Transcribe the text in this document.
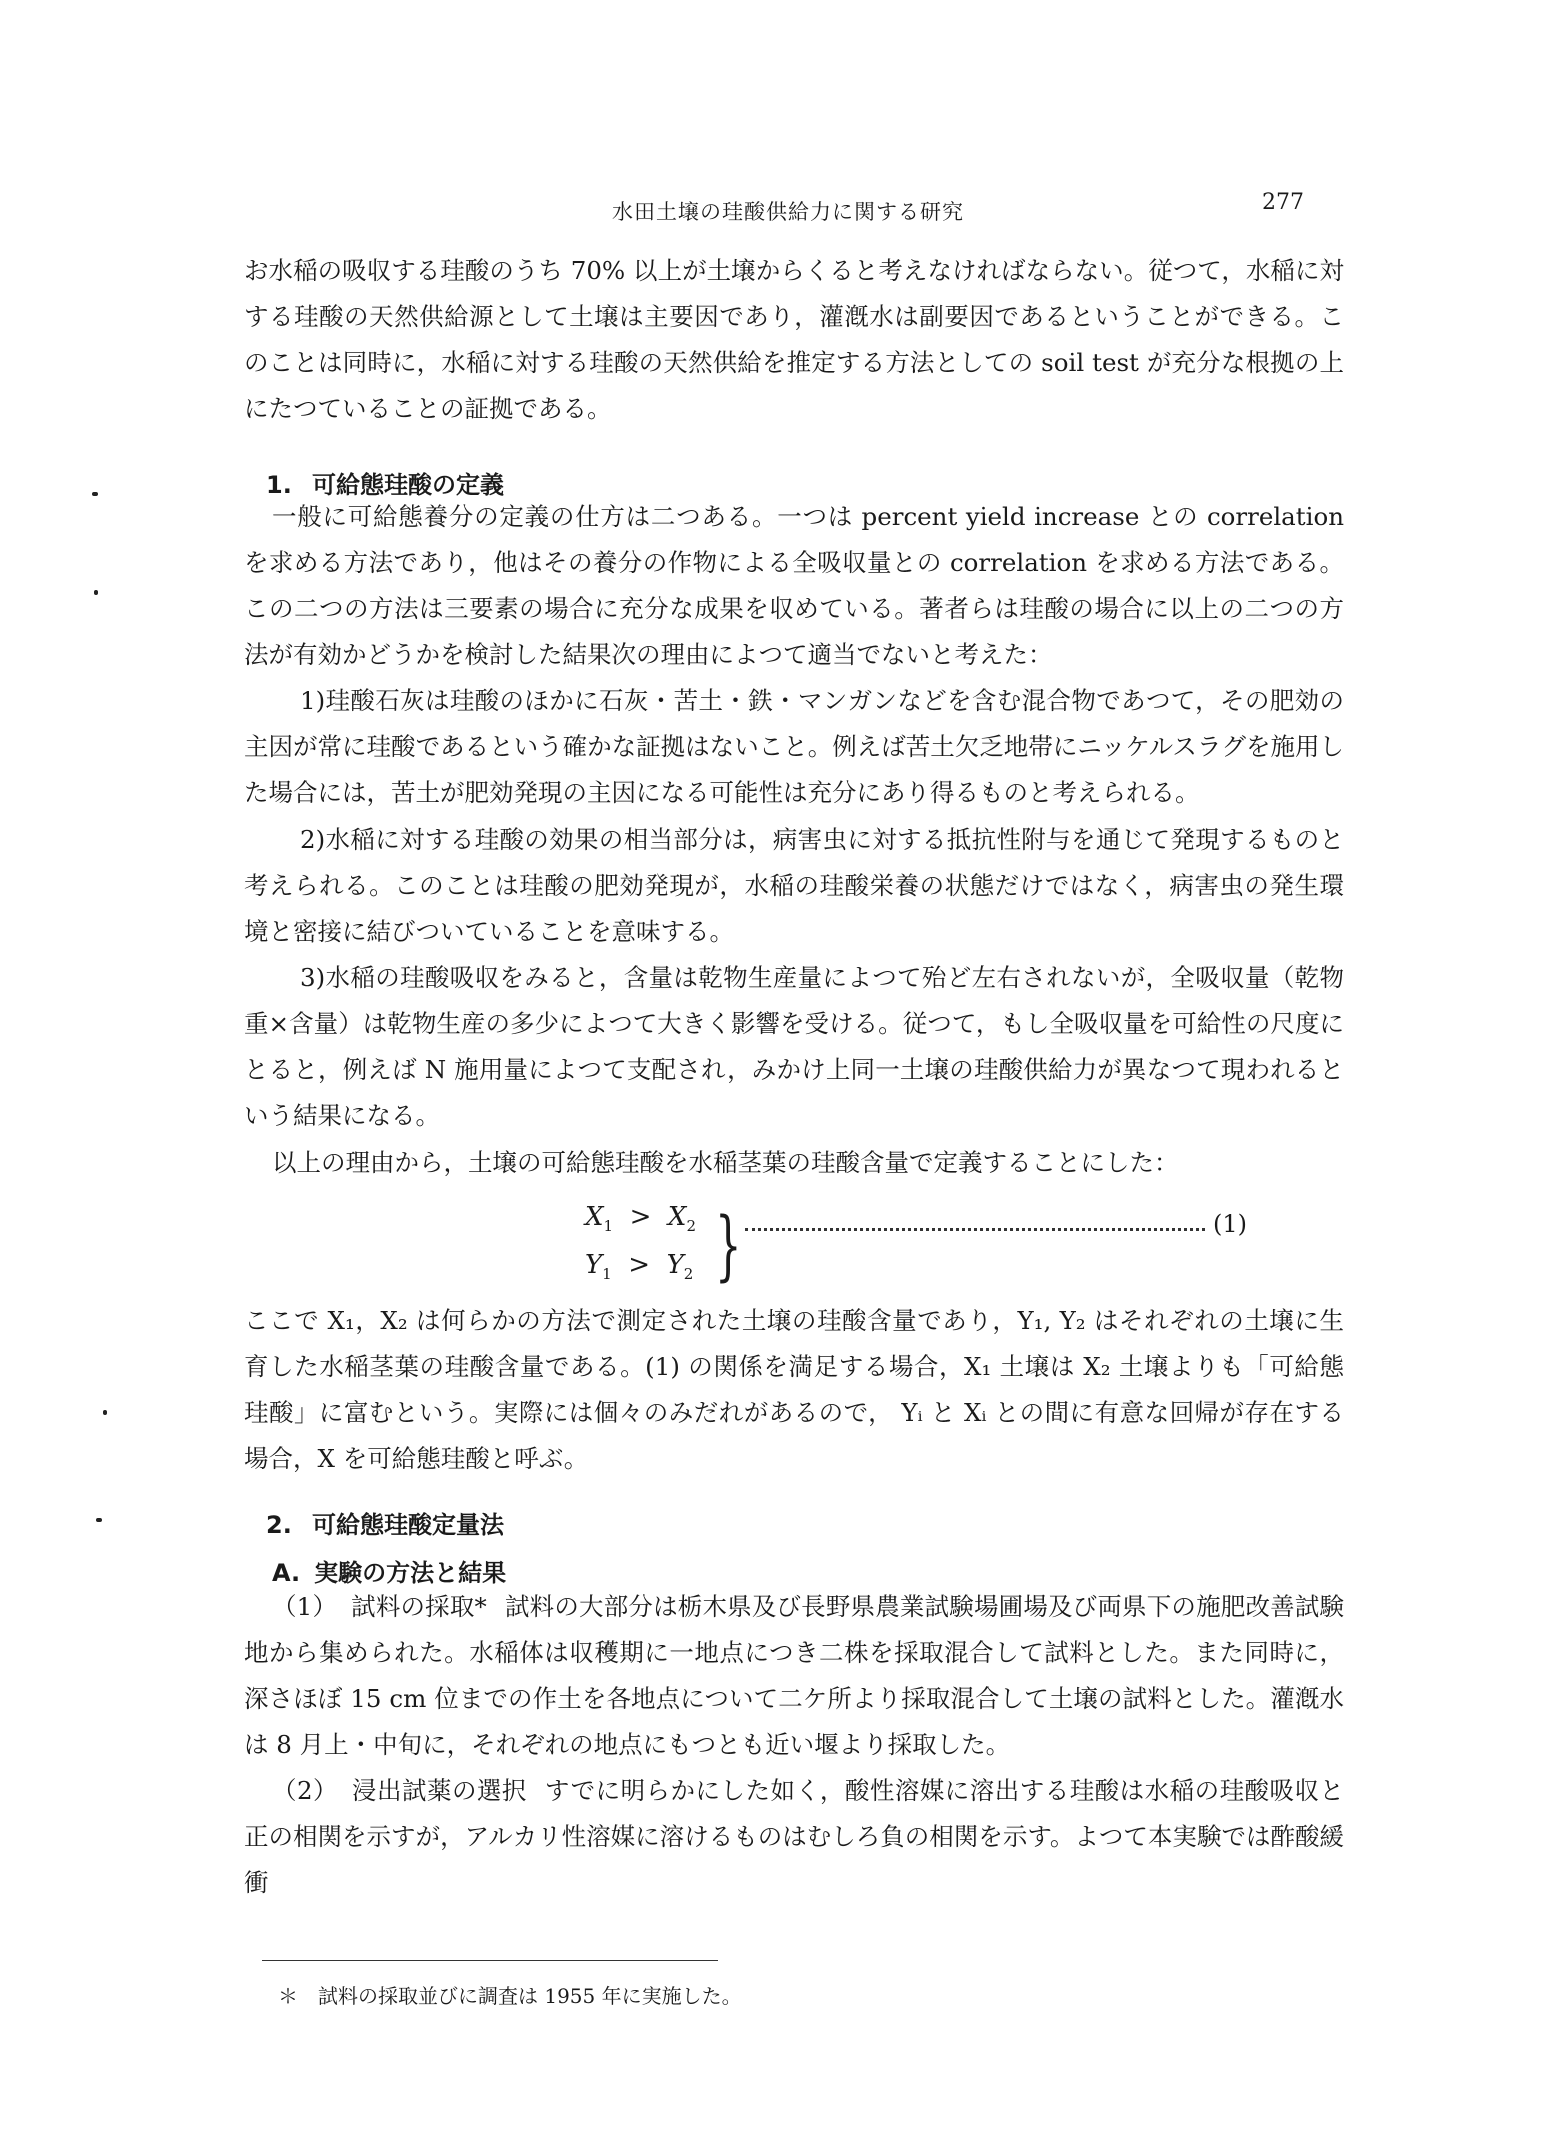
水田土壌の珪酸供給力に関する研究	277

お水稲の吸収する珪酸のうち 70% 以上が土壌からくると考えなければならない。従つて，水稲に対する珪酸の天然供給源として土壌は主要因であり，灌漑水は副要因であるということができる。このことは同時に，水稲に対する珪酸の天然供給を推定する方法としての soil test が充分な根拠の上にたつていることの証拠である。

1. 可給態珪酸の定義

一般に可給態養分の定義の仕方は二つある。一つは percent yield increase との correlation を求める方法であり，他はその養分の作物による全吸収量との correlation を求める方法である。この二つの方法は三要素の場合に充分な成果を収めている。著者らは珪酸の場合に以上の二つの方法が有効かどうかを検討した結果次の理由によつて適当でないと考えた：

1)珪酸石灰は珪酸のほかに石灰・苦土・鉄・マンガンなどを含む混合物であつて，その肥効の主因が常に珪酸であるという確かな証拠はないこと。例えば苦土欠乏地帯にニッケルスラグを施用した場合には，苦土が肥効発現の主因になる可能性は充分にあり得るものと考えられる。

2)水稲に対する珪酸の効果の相当部分は，病害虫に対する抵抗性附与を通じて発現するものと考えられる。このことは珪酸の肥効発現が，水稲の珪酸栄養の状態だけではなく，病害虫の発生環境と密接に結びついていることを意味する。

3)水稲の珪酸吸収をみると，含量は乾物生産量によつて殆ど左右されないが，全吸収量（乾物重×含量）は乾物生産の多少によつて大きく影響を受ける。従つて，もし全吸収量を可給性の尺度にとると，例えば N 施用量によつて支配され，みかけ上同一土壌の珪酸供給力が異なつて現われるという結果になる。

以上の理由から，土壌の可給態珪酸を水稲茎葉の珪酸含量で定義することにした：

$X_1 > X_2$
$Y_1 > Y_2$ }	(1)

ここで X₁，X₂ は何らかの方法で測定された土壌の珪酸含量であり，Y₁, Y₂ はそれぞれの土壌に生育した水稲茎葉の珪酸含量である。(1) の関係を満足する場合，X₁ 土壌は X₂ 土壌よりも「可給態珪酸」に富むという。実際には個々のみだれがあるので， Yᵢ と Xᵢ との間に有意な回帰が存在する場合，X を可給態珪酸と呼ぶ。

2. 可給態珪酸定量法
A. 実験の方法と結果

（1） 試料の採取* 試料の大部分は栃木県及び長野県農業試験場圃場及び両県下の施肥改善試験地から集められた。水稲体は収穫期に一地点につき二株を採取混合して試料とした。また同時に，深さほぼ 15 cm 位までの作土を各地点について二ケ所より採取混合して土壌の試料とした。灌漑水は 8 月上・中旬に，それぞれの地点にもつとも近い堰より採取した。

（2） 浸出試薬の選択 すでに明らかにした如く，酸性溶媒に溶出する珪酸は水稲の珪酸吸収と正の相関を示すが，アルカリ性溶媒に溶けるものはむしろ負の相関を示す。よつて本実験では酢酸緩衝

＊　試料の採取並びに調査は 1955 年に実施した。
